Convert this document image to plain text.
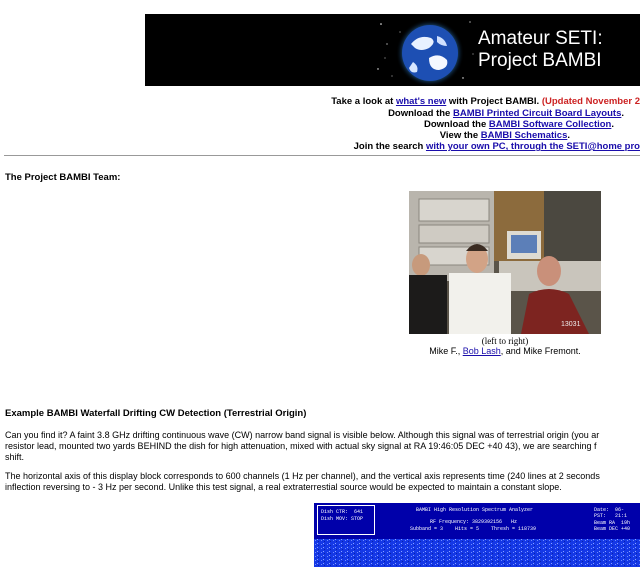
Amateur SETI:
Project BAMBI
Take a look at what's new with Project BAMBI. (Updated November 2
Download the BAMBI Printed Circuit Board Layouts.
Download the BAMBI Software Collection.
View the BAMBI Schematics.
Join the search with your own PC, through the SETI@home pro
The Project BAMBI Team:
13031
(left to right)
Mike F., Bob Lash, and Mike Fremont.
Example BAMBI Waterfall Drifting CW Detection (Terrestrial Origin)
Can you find it? A faint 3.8 GHz drifting continuous wave (CW) narrow band signal is visible below. Although this signal was of terrestrial origin (you ar
resistor lead, mounted two yards BEHIND the dish for high attenuation, mixed with actual sky signal at RA 19:46:05 DEC +40 43), we are searching f
shift.
The horizontal axis of this display block corresponds to 600 channels (1 Hz per channel), and the vertical axis represents time (240 lines at 2 seconds
inflection reversing to - 3 Hz per second. Unlike this test signal, a real extraterrestial source would be expected to maintain a constant slope.
Dish CTR:  641
Dish MOV: STOP
BAMBI High Resolution Spectrum Analyzer
RF Frequency: 3829392156   Hz
Subband = 3    Hits = 5    Thresh = 118739
Date:  06-
PST:   21:1
Beam RA  19h
Beam DEC +40
